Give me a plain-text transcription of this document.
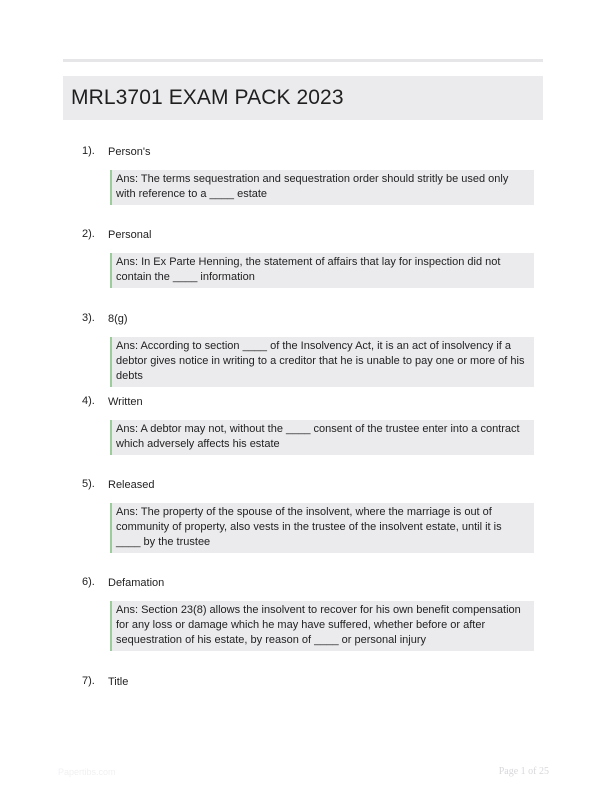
MRL3701 EXAM PACK 2023
1). Person's
Ans: The terms sequestration and sequestration order should stritly be used only with reference to a ____ estate
2). Personal
Ans: In Ex Parte Henning, the statement of affairs that lay for inspection did not contain the ____ information
3). 8(g)
Ans: According to section ____ of the Insolvency Act, it is an act of insolvency if a debtor gives notice in writing to a creditor that he is unable to pay one or more of his debts
4). Written
Ans: A debtor may not, without the ____ consent of the trustee enter into a contract which adversely affects his estate
5). Released
Ans: The property of the spouse of the insolvent, where the marriage is out of community of property, also vests in the trustee of the insolvent estate, until it is ____ by the trustee
6). Defamation
Ans: Section 23(8) allows the insolvent to recover for his own benefit compensation for any loss or damage which he may have suffered, whether before or after sequestration of his estate, by reason of ____ or personal injury
7). Title
Papertibs.com	Page 1 of 25
